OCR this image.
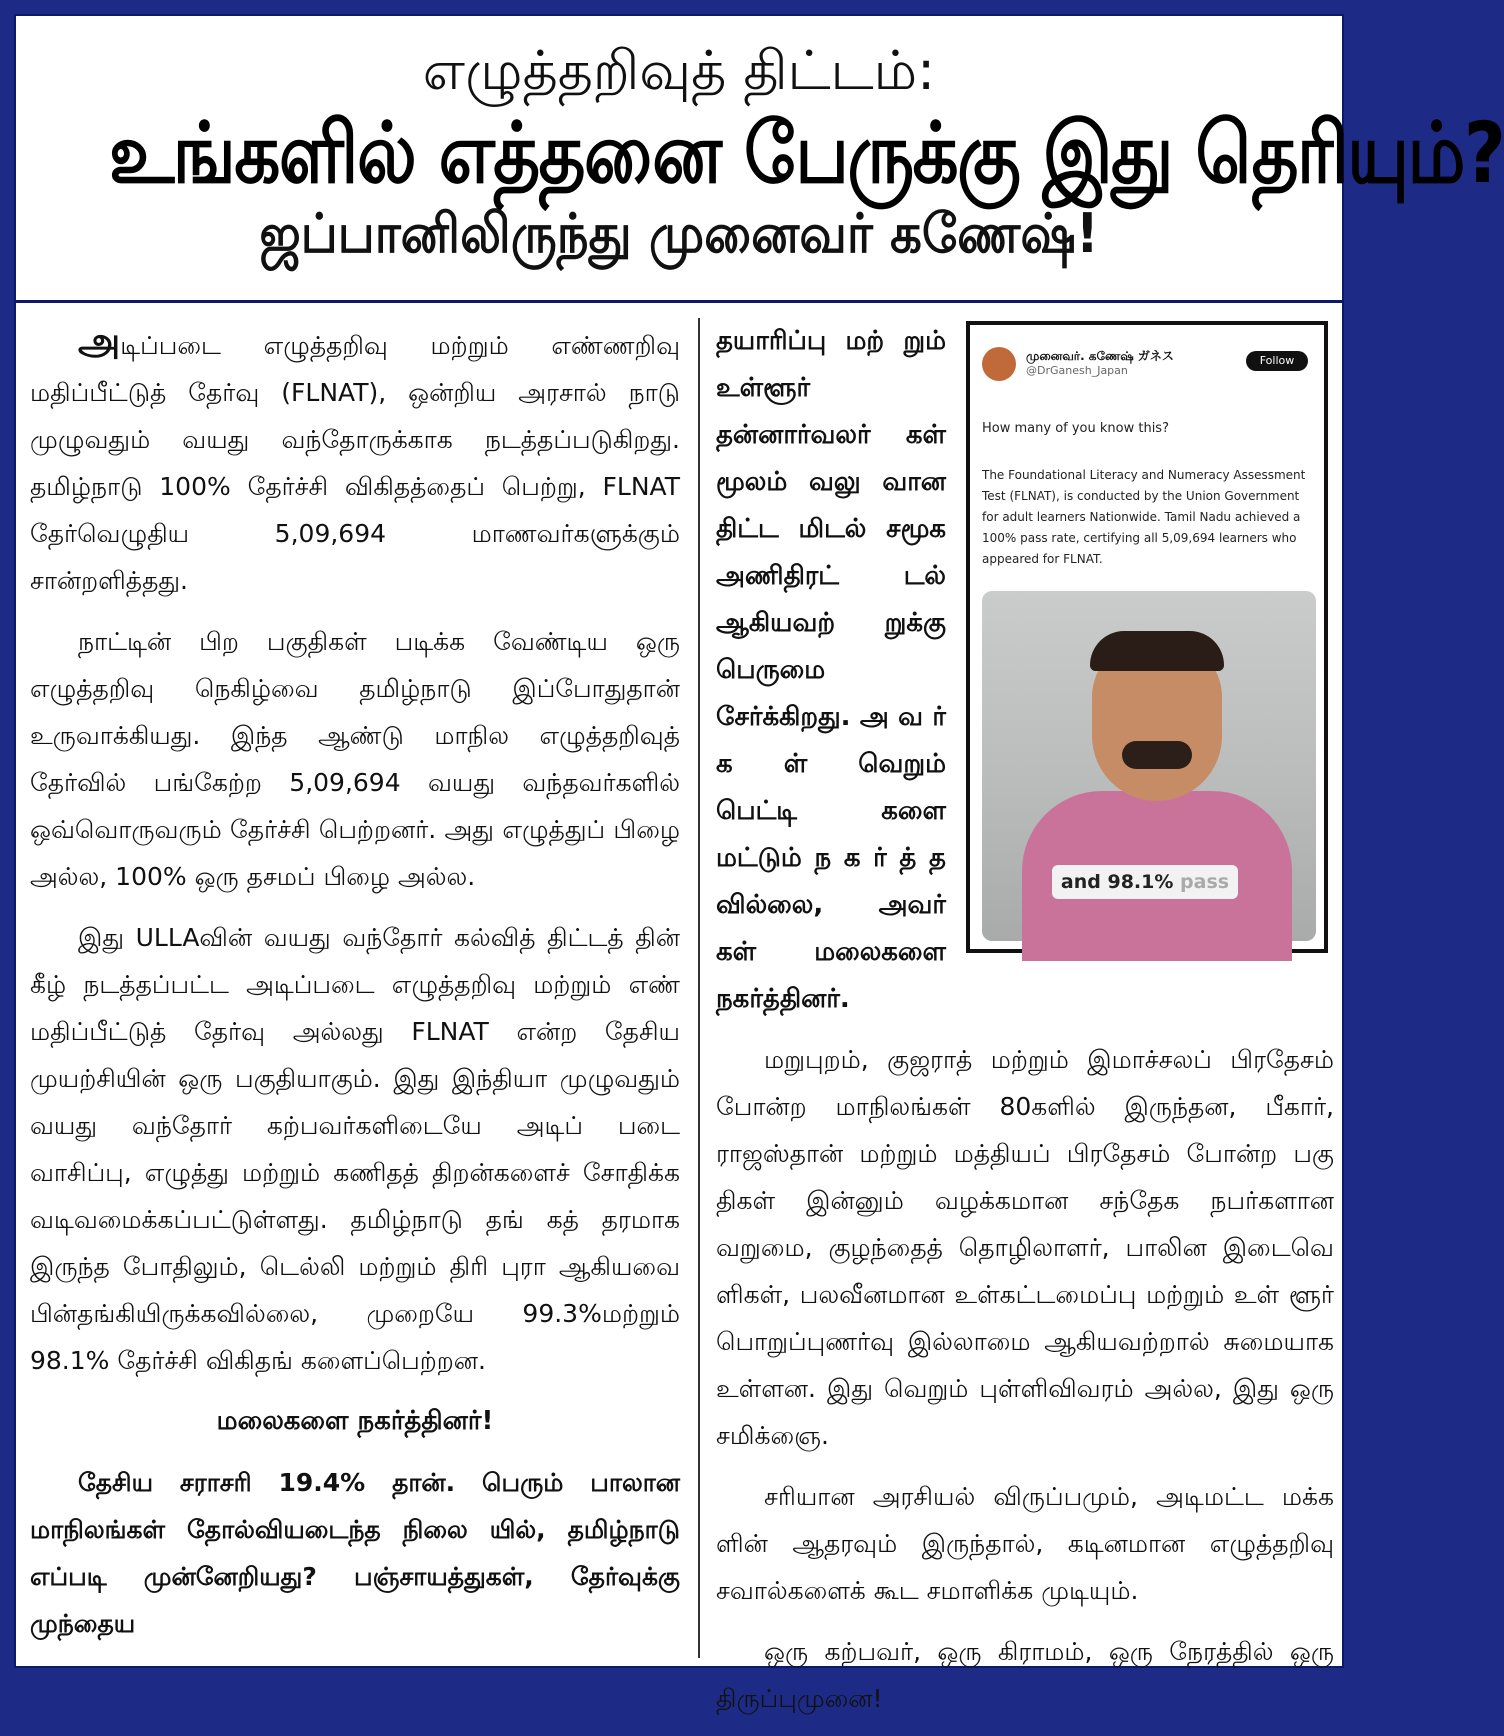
எழுத்தறிவுத் திட்டம்:
உங்களில் எத்தனை பேருக்கு இது தெரியும்?
ஜப்பானிலிருந்து முனைவர் கணேஷ்!

அடிப்படை எழுத்தறிவு மற்றும் எண்ணறிவு மதிப்பீட்டுத் தேர்வு (FLNAT), ஒன்றிய அரசால் நாடு முழுவதும் வயது வந்தோருக்காக நடத்தப்படுகிறது. தமிழ்நாடு 100% தேர்ச்சி விகிதத்தைப் பெற்று, FLNAT தேர்வெழுதிய 5,09,694 மாணவர்களுக்கும் சான்றளித்தது.

நாட்டின் பிற பகுதிகள் படிக்க வேண்டிய ஒரு எழுத்தறிவு நெகிழ்வை தமிழ்நாடு இப்போதுதான் உருவாக்கியது. இந்த ஆண்டு மாநில எழுத்தறிவுத் தேர்வில் பங்கேற்ற 5,09,694 வயது வந்தவர்களில் ஒவ்வொருவரும் தேர்ச்சி பெற்றனர். அது எழுத்துப் பிழை அல்ல, 100% ஒரு தசமப் பிழை அல்ல.

இது ULLAவின் வயது வந்தோர் கல்வித் திட்டத் தின் கீழ் நடத்தப்பட்ட அடிப்படை எழுத்தறிவு மற்றும் எண் மதிப்பீட்டுத் தேர்வு அல்லது FLNAT என்ற தேசிய முயற்சியின் ஒரு பகுதியாகும். இது இந்தியா முழுவதும் வயது வந்தோர் கற்பவர்களிடையே அடிப் படை வாசிப்பு, எழுத்து மற்றும் கணிதத் திறன்களைச் சோதிக்க வடிவமைக்கப்பட்டுள்ளது. தமிழ்நாடு தங் கத் தரமாக இருந்த போதிலும், டெல்லி மற்றும் திரி புரா ஆகியவை பின்தங்கியிருக்கவில்லை, முறையே 99.3%மற்றும் 98.1% தேர்ச்சி விகிதங் களைப்பெற்றன.

மலைகளை நகர்த்தினர்!

தேசிய சராசரி 19.4% தான். பெரும் பாலான மாநிலங்கள் தோல்வியடைந்த நிலை யில், தமிழ்நாடு எப்படி முன்னேறியது? பஞ்சாயத்துகள், தேர்வுக்கு முந்தைய

தயாரிப்பு மற் றும் உள்ளூர் தன்னார்வலர் கள் மூலம் வலு வான திட்ட மிடல் சமூக அணிதிரட் டல் ஆகியவற் றுக்கு பெருமை சேர்க்கிறது. அ வ ர் க ள் வெறும் பெட்டி களை மட்டும் ந க ர் த் த வில்லை, அவர் கள் மலைகளை நகர்த்தினர்.

மறுபுறம், குஜராத் மற்றும் இமாச்சலப் பிரதேசம் போன்ற மாநிலங்கள் 80களில் இருந்தன, பீகார், ராஜஸ்தான் மற்றும் மத்தியப் பிரதேசம் போன்ற பகு திகள் இன்னும் வழக்கமான சந்தேக நபர்களான வறுமை, குழந்தைத் தொழிலாளர், பாலின இடைவெ ளிகள், பலவீனமான உள்கட்டமைப்பு மற்றும் உள் ளூர் பொறுப்புணர்வு இல்லாமை ஆகியவற்றால் சுமையாக உள்ளன. இது வெறும் புள்ளிவிவரம் அல்ல, இது ஒரு சமிக்ஞை.

சரியான அரசியல் விருப்பமும், அடிமட்ட மக்க ளின் ஆதரவும் இருந்தால், கடினமான எழுத்தறிவு சவால்களைக் கூட சமாளிக்க முடியும்.

ஒரு கற்பவர், ஒரு கிராமம், ஒரு நேரத்தில் ஒரு திருப்புமுனை!

முனைவர். கணேஷ் ガネス
@DrGanesh_Japan
Follow
How many of you know this?
The Foundational Literacy and Numeracy Assessment Test (FLNAT), is conducted by the Union Government for adult learners Nationwide. Tamil Nadu achieved a 100% pass rate, certifying all 5,09,694 learners who appeared for FLNAT.
and 98.1% pass
